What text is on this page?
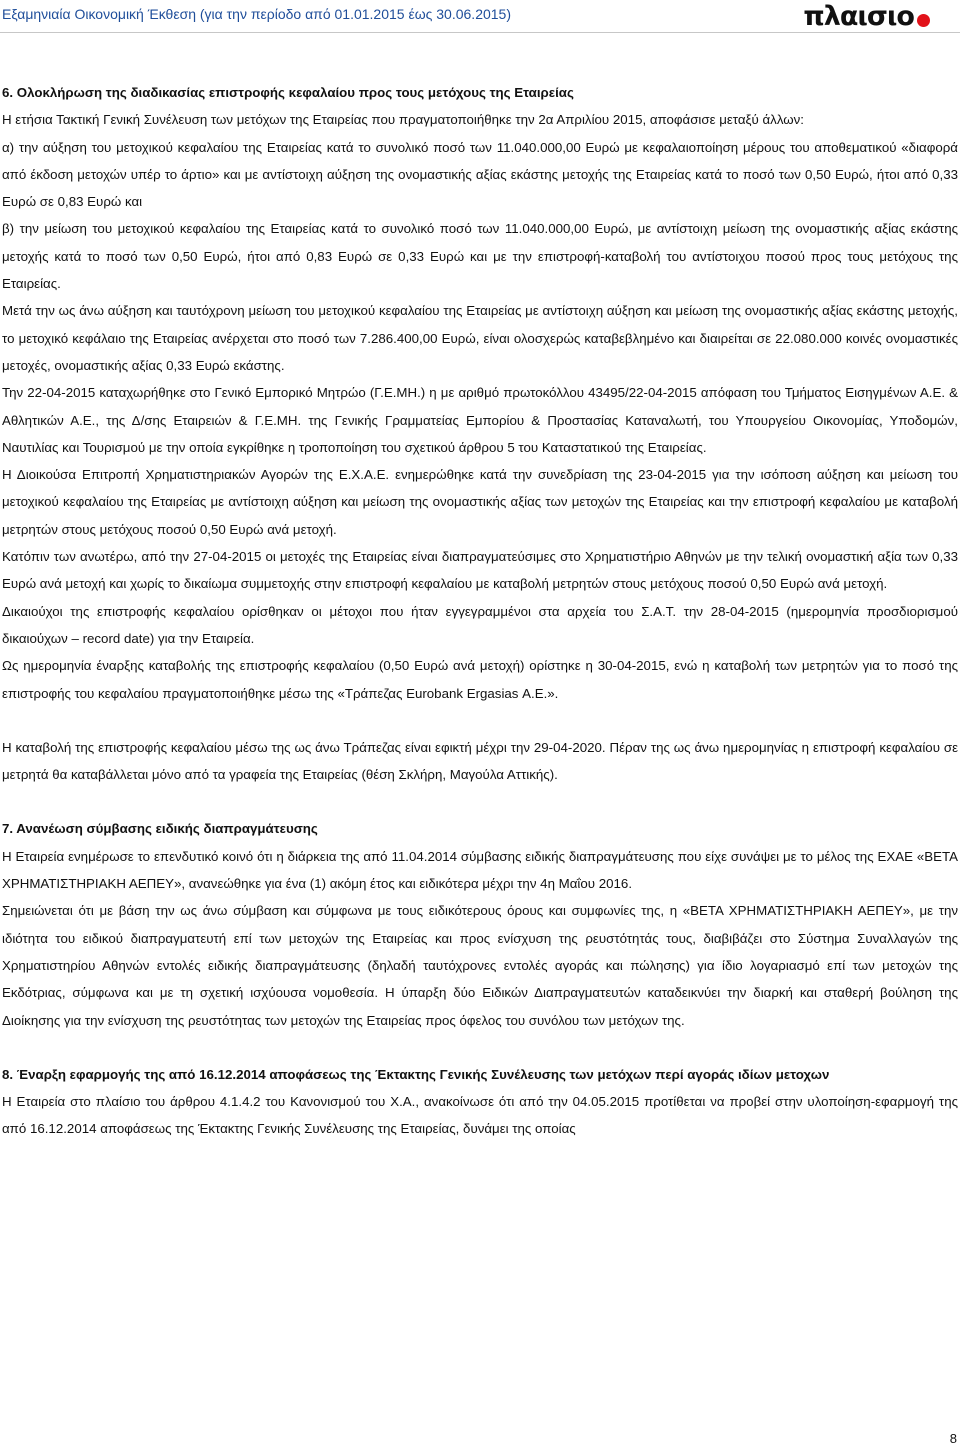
Εξαμηνιαία Οικονομική Έκθεση (για την περίοδο από 01.01.2015 έως 30.06.2015)	πλαισιο
6. Ολοκλήρωση της διαδικασίας επιστροφής κεφαλαίου προς τους μετόχους της Εταιρείας

Η ετήσια Τακτική Γενική Συνέλευση των μετόχων της Εταιρείας που πραγματοποιήθηκε την 2α Απριλίου 2015, αποφάσισε μεταξύ άλλων:

α) την αύξηση του μετοχικού κεφαλαίου της Εταιρείας κατά το συνολικό ποσό των 11.040.000,00 Ευρώ με κεφαλαιοποίηση μέρους του αποθεματικού «διαφορά από έκδοση μετοχών υπέρ το άρτιο» και με αντίστοιχη αύξηση της ονομαστικής αξίας εκάστης μετοχής της Εταιρείας κατά το ποσό των 0,50 Ευρώ, ήτοι από 0,33 Ευρώ σε 0,83 Ευρώ και

β) την μείωση του μετοχικού κεφαλαίου της Εταιρείας κατά το συνολικό ποσό των 11.040.000,00 Ευρώ, με αντίστοιχη μείωση της ονομαστικής αξίας εκάστης μετοχής κατά το ποσό των 0,50 Ευρώ, ήτοι από 0,83 Ευρώ σε 0,33 Ευρώ και με την επιστροφή-καταβολή του αντίστοιχου ποσού προς τους μετόχους της Εταιρείας.

Μετά την ως άνω αύξηση και ταυτόχρονη μείωση του μετοχικού κεφαλαίου της Εταιρείας με αντίστοιχη αύξηση και μείωση της ονομαστικής αξίας εκάστης μετοχής, το μετοχικό κεφάλαιο της Εταιρείας ανέρχεται στο ποσό των 7.286.400,00 Ευρώ, είναι ολοσχερώς καταβεβλημένο και διαιρείται σε 22.080.000 κοινές ονομαστικές μετοχές, ονομαστικής αξίας 0,33 Ευρώ εκάστης.

Την 22-04-2015 καταχωρήθηκε στο Γενικό Εμπορικό Μητρώο (Γ.Ε.ΜΗ.) η με αριθμό πρωτοκόλλου 43495/22-04-2015 απόφαση του Τμήματος Εισηγμένων Α.Ε. & Αθλητικών Α.Ε., της Δ/σης Εταιρειών & Γ.Ε.ΜΗ. της Γενικής Γραμματείας Εμπορίου & Προστασίας Καταναλωτή, του Υπουργείου Οικονομίας, Υποδομών, Ναυτιλίας και Τουρισμού με την οποία εγκρίθηκε η τροποποίηση του σχετικού άρθρου 5 του Καταστατικού της Εταιρείας.

Η Διοικούσα Επιτροπή Χρηματιστηριακών Αγορών της Ε.Χ.Α.Ε. ενημερώθηκε κατά την συνεδρίαση της 23-04-2015 για την ισόποση αύξηση και μείωση του μετοχικού κεφαλαίου της Εταιρείας με αντίστοιχη αύξηση και μείωση της ονομαστικής αξίας των μετοχών της Εταιρείας και την επιστροφή κεφαλαίου με καταβολή μετρητών στους μετόχους ποσού 0,50 Ευρώ ανά μετοχή.

Κατόπιν των ανωτέρω, από την 27-04-2015 οι μετοχές της Εταιρείας είναι διαπραγματεύσιμες στο Χρηματιστήριο Αθηνών με την τελική ονομαστική αξία των 0,33 Ευρώ ανά μετοχή και χωρίς το δικαίωμα συμμετοχής στην επιστροφή κεφαλαίου με καταβολή μετρητών στους μετόχους ποσού 0,50 Ευρώ ανά μετοχή.

Δικαιούχοι της επιστροφής κεφαλαίου ορίσθηκαν οι μέτοχοι που ήταν εγγεγραμμένοι στα αρχεία του Σ.Α.Τ. την 28-04-2015 (ημερομηνία προσδιορισμού δικαιούχων – record date) για την Εταιρεία.

Ως ημερομηνία έναρξης καταβολής της επιστροφής κεφαλαίου (0,50 Ευρώ ανά μετοχή) ορίστηκε η 30-04-2015, ενώ η καταβολή των μετρητών για το ποσό της επιστροφής του κεφαλαίου πραγματοποιήθηκε μέσω της «Τράπεζας Eurobank Ergasias Α.Ε.».

Η καταβολή της επιστροφής κεφαλαίου μέσω της ως άνω Τράπεζας είναι εφικτή μέχρι την 29-04-2020. Πέραν της ως άνω ημερομηνίας η επιστροφή κεφαλαίου σε μετρητά θα καταβάλλεται μόνο από τα γραφεία της Εταιρείας (θέση Σκλήρη, Μαγούλα Αττικής).

7. Ανανέωση σύμβασης ειδικής διαπραγμάτευσης

Η Εταιρεία ενημέρωσε το επενδυτικό κοινό ότι η διάρκεια της από 11.04.2014 σύμβασης ειδικής διαπραγμάτευσης που είχε συνάψει με το μέλος της ΕΧΑΕ «BETA ΧΡΗΜΑΤΙΣΤΗΡΙΑΚΗ ΑΕΠΕΥ», ανανεώθηκε για ένα (1) ακόμη έτος και ειδικότερα μέχρι την 4η Μαΐου 2016.

Σημειώνεται ότι με βάση την ως άνω σύμβαση και σύμφωνα με τους ειδικότερους όρους και συμφωνίες της, η «BETA ΧΡΗΜΑΤΙΣΤΗΡΙΑΚΗ ΑΕΠΕΥ», με την ιδιότητα του ειδικού διαπραγματευτή επί των μετοχών της Εταιρείας και προς ενίσχυση της ρευστότητάς τους, διαβιβάζει στο Σύστημα Συναλλαγών της Χρηματιστηρίου Αθηνών εντολές ειδικής διαπραγμάτευσης (δηλαδή ταυτόχρονες εντολές αγοράς και πώλησης) για ίδιο λογαριασμό επί των μετοχών της Εκδότριας, σύμφωνα και με τη σχετική ισχύουσα νομοθεσία. Η ύπαρξη δύο Ειδικών Διαπραγματευτών καταδεικνύει την διαρκή και σταθερή βούληση της Διοίκησης για την ενίσχυση της ρευστότητας των μετοχών της Εταιρείας προς όφελος του συνόλου των μετόχων της.

8. Έναρξη εφαρμογής της από 16.12.2014 αποφάσεως της Έκτακτης Γενικής Συνέλευσης των μετόχων περί αγοράς ιδίων μετοχων

Η Εταιρεία στο πλαίσιο του άρθρου 4.1.4.2 του Κανονισμού του Χ.Α., ανακοίνωσε ότι από την 04.05.2015 προτίθεται να προβεί στην υλοποίηση-εφαρμογή της από 16.12.2014 αποφάσεως της Έκτακτης Γενικής Συνέλευσης της Εταιρείας, δυνάμει της οποίας

8
